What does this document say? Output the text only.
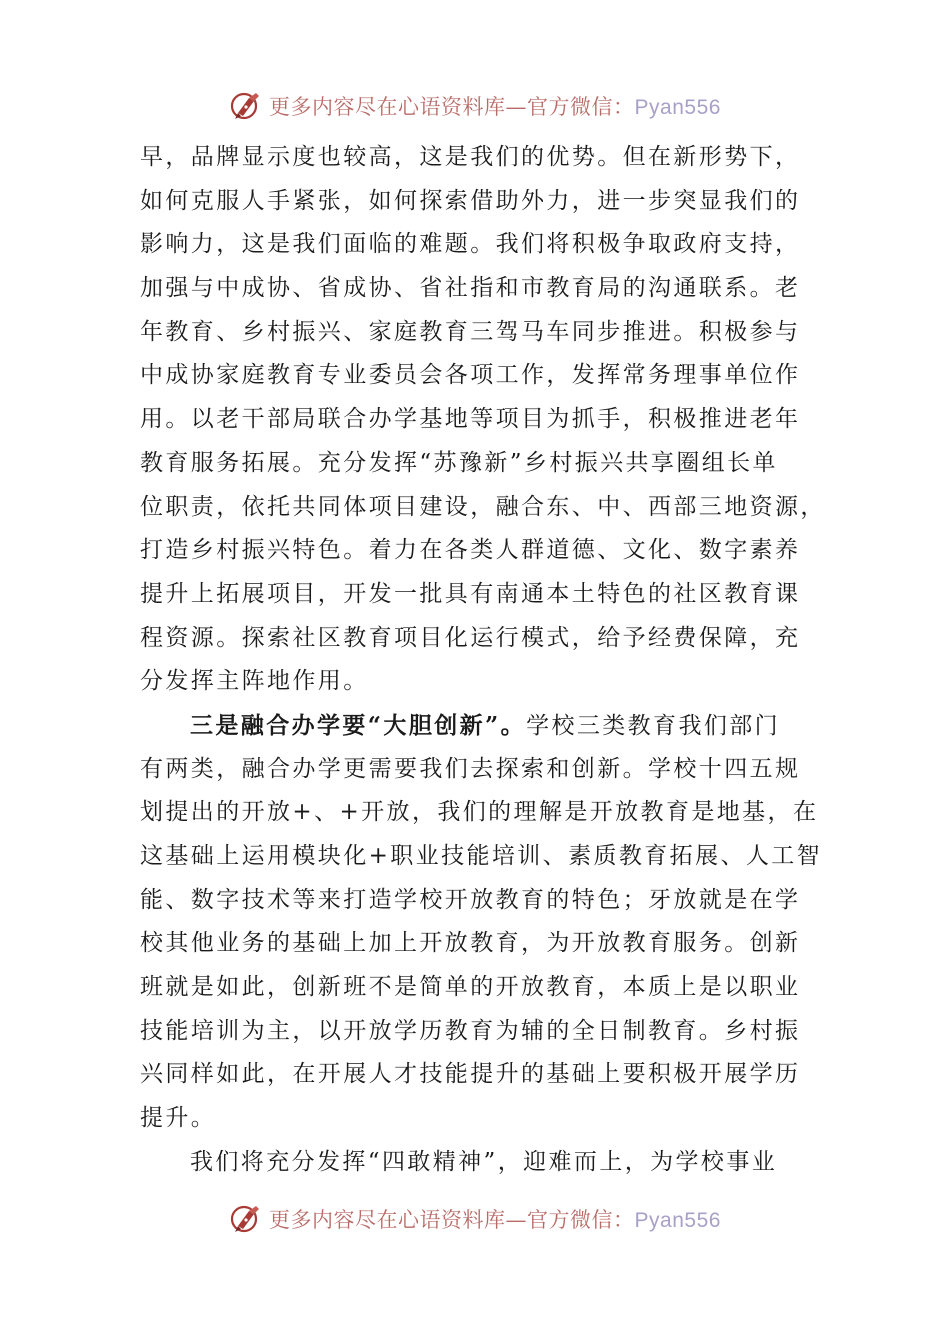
更多内容尽在心语资料库—官方微信：Pyan556
早，品牌显示度也较高，这是我们的优势。但在新形势下，
如何克服人手紧张，如何探索借助外力，进一步突显我们的
影响力，这是我们面临的难题。我们将积极争取政府支持，
加强与中成协、省成协、省社指和市教育局的沟通联系。老
年教育、乡村振兴、家庭教育三驾马车同步推进。积极参与
中成协家庭教育专业委员会各项工作，发挥常务理事单位作
用。以老干部局联合办学基地等项目为抓手，积极推进老年
教育服务拓展。充分发挥“苏豫新”乡村振兴共享圈组长单
位职责，依托共同体项目建设，融合东、中、西部三地资源，
打造乡村振兴特色。着力在各类人群道德、文化、数字素养
提升上拓展项目，开发一批具有南通本土特色的社区教育课
程资源。探索社区教育项目化运行模式，给予经费保障，充
分发挥主阵地作用。
三是融合办学要“大胆创新”。学校三类教育我们部门
有两类，融合办学更需要我们去探索和创新。学校十四五规
划提出的开放+、+开放，我们的理解是开放教育是地基，在
这基础上运用模块化+职业技能培训、素质教育拓展、人工智
能、数字技术等来打造学校开放教育的特色；牙放就是在学
校其他业务的基础上加上开放教育，为开放教育服务。创新
班就是如此，创新班不是简单的开放教育，本质上是以职业
技能培训为主，以开放学历教育为辅的全日制教育。乡村振
兴同样如此，在开展人才技能提升的基础上要积极开展学历
提升。
我们将充分发挥“四敢精神”，迎难而上，为学校事业
更多内容尽在心语资料库—官方微信：Pyan556
